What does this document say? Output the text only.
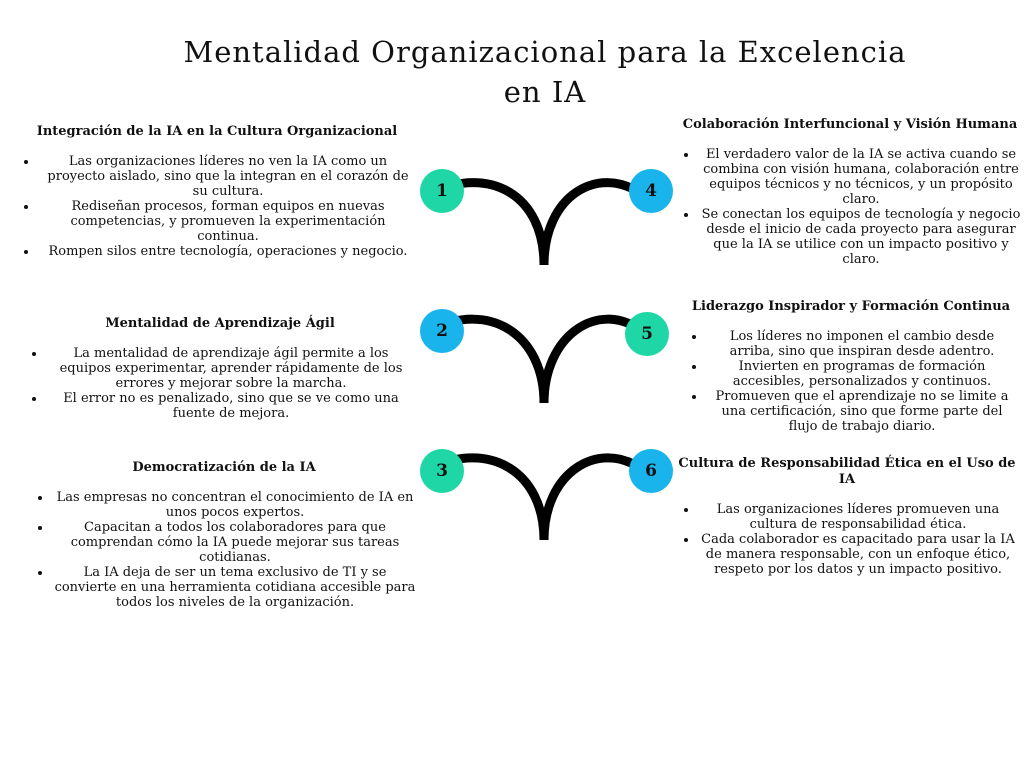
Mentalidad Organizacional para la Excelencia en IA
1
2
3
4
5
6
Integración de la IA en la Cultura Organizacional
• Las organizaciones líderes no ven la IA como un proyecto aislado, sino que la integran en el corazón de su cultura.
• Rediseñan procesos, forman equipos en nuevas competencias, y promueven la experimentación continua.
• Rompen silos entre tecnología, operaciones y negocio.
Mentalidad de Aprendizaje Ágil
• La mentalidad de aprendizaje ágil permite a los equipos experimentar, aprender rápidamente de los errores y mejorar sobre la marcha.
• El error no es penalizado, sino que se ve como una fuente de mejora.
Democratización de la IA
• Las empresas no concentran el conocimiento de IA en unos pocos expertos.
• Capacitan a todos los colaboradores para que comprendan cómo la IA puede mejorar sus tareas cotidianas.
• La IA deja de ser un tema exclusivo de TI y se convierte en una herramienta cotidiana accesible para todos los niveles de la organización.
Colaboración Interfuncional y Visión Humana
• El verdadero valor de la IA se activa cuando se combina con visión humana, colaboración entre equipos técnicos y no técnicos, y un propósito claro.
• Se conectan los equipos de tecnología y negocio desde el inicio de cada proyecto para asegurar que la IA se utilice con un impacto positivo y claro.
Liderazgo Inspirador y Formación Continua
• Los líderes no imponen el cambio desde arriba, sino que inspiran desde adentro.
• Invierten en programas de formación accesibles, personalizados y continuos.
• Promueven que el aprendizaje no se limite a una certificación, sino que forme parte del flujo de trabajo diario.
Cultura de Responsabilidad Ética en el Uso de IA
• Las organizaciones líderes promueven una cultura de responsabilidad ética.
• Cada colaborador es capacitado para usar la IA de manera responsable, con un enfoque ético, respeto por los datos y un impacto positivo.
